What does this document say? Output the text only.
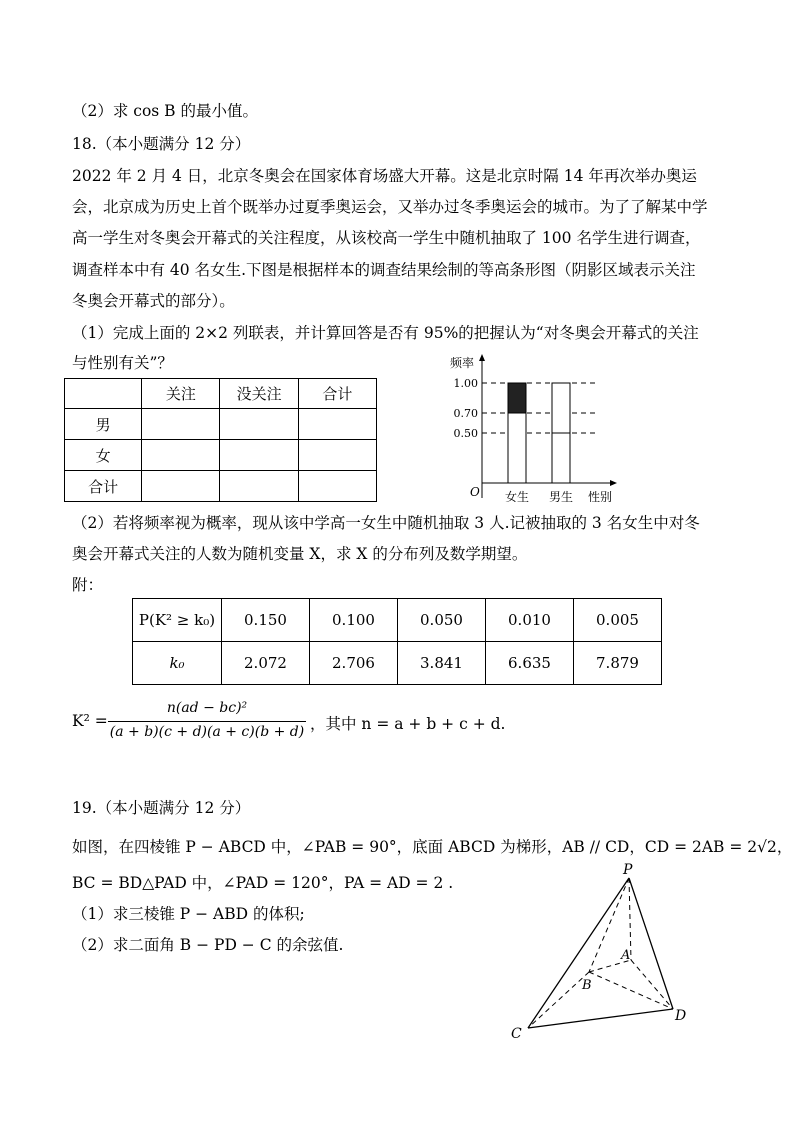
（2）求 cos B 的最小值。
18.（本小题满分 12 分）
2022 年 2 月 4 日，北京冬奥会在国家体育场盛大开幕。这是北京时隔 14 年再次举办奥运
会，北京成为历史上首个既举办过夏季奥运会，又举办过冬季奥运会的城市。为了了解某中学
高一学生对冬奥会开幕式的关注程度，从该校高一学生中随机抽取了 100 名学生进行调查，
调查样本中有 40 名女生.下图是根据样本的调查结果绘制的等高条形图（阴影区域表示关注
冬奥会开幕式的部分）。
（1）完成上面的 2×2 列联表，并计算回答是否有 95%的把握认为“对冬奥会开幕式的关注
与性别有关”？
	关注	没关注	合计
男			
女			
合计			
频率
O	性别
1.00
0.70
0.50
女生 男生
（2）若将频率视为概率，现从该中学高一女生中随机抽取 3 人.记被抽取的 3 名女生中对冬
奥会开幕式关注的人数为随机变量 X，求 X 的分布列及数学期望。
附：
P(K² ≥ k₀)	0.150	0.100	0.050	0.010	0.005
k₀	2.072	2.706	3.841	6.635	7.879
K² =
n(ad − bc)²
(a + b)(c + d)(a + c)(b + d) ，其中 n = a + b + c + d.
19.（本小题满分 12 分）
如图，在四棱锥 P − ABCD 中，∠PAB = 90°，底面 ABCD 为梯形，AB // CD，CD = 2AB = 2√2，
BC = BD△PAD 中，∠PAD = 120°，PA = AD = 2 .
（1）求三棱锥 P − ABD 的体积;
（2）求二面角 B − PD − C 的余弦值.
P
A
B
C
D
